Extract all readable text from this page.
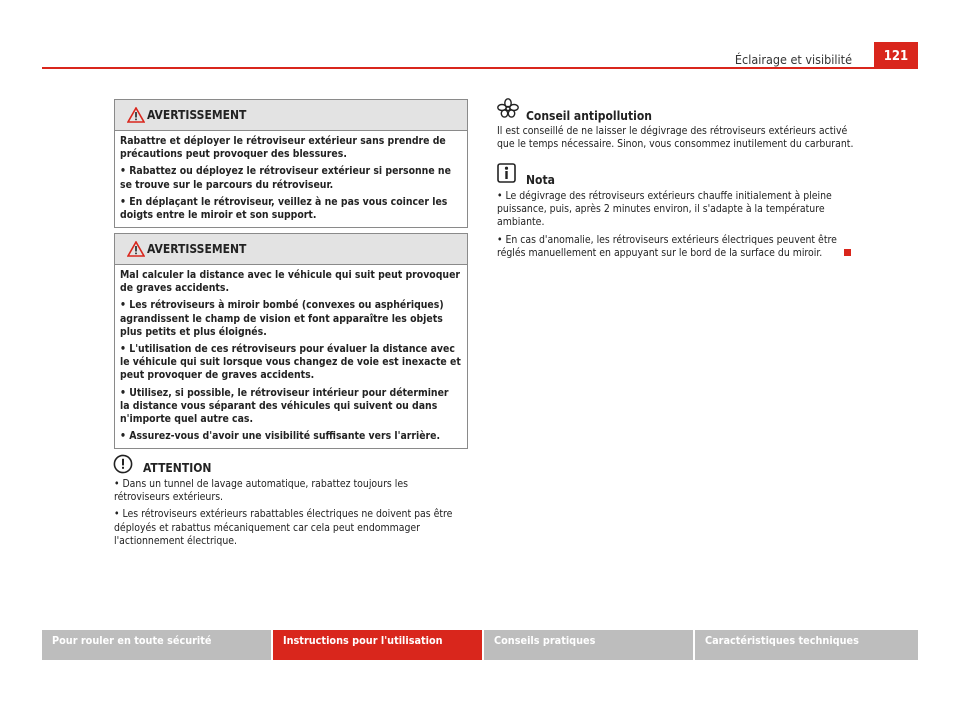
Éclairage et visibilité	121
AVERTISSEMENT

Rabattre et déployer le rétroviseur extérieur sans prendre de précautions peut provoquer des blessures.

• Rabattez ou déployez le rétroviseur extérieur si personne ne se trouve sur le parcours du rétroviseur.

• En déplaçant le rétroviseur, veillez à ne pas vous coincer les doigts entre le miroir et son support.

AVERTISSEMENT

Mal calculer la distance avec le véhicule qui suit peut provoquer de graves accidents.

• Les rétroviseurs à miroir bombé (convexes ou asphériques) agrandissent le champ de vision et font apparaître les objets plus petits et plus éloignés.

• L'utilisation de ces rétroviseurs pour évaluer la distance avec le véhicule qui suit lorsque vous changez de voie est inexacte et peut provoquer de graves accidents.

• Utilisez, si possible, le rétroviseur intérieur pour déterminer la distance vous séparant des véhicules qui suivent ou dans n'importe quel autre cas.

• Assurez-vous d'avoir une visibilité suffisante vers l'arrière.

ATTENTION

• Dans un tunnel de lavage automatique, rabattez toujours les rétroviseurs extérieurs.

• Les rétroviseurs extérieurs rabattables électriques ne doivent pas être déployés et rabattus mécaniquement car cela peut endommager l'actionnement électrique.

Conseil antipollution
Il est conseillé de ne laisser le dégivrage des rétroviseurs extérieurs activé que le temps nécessaire. Sinon, vous consommez inutilement du carburant.
Nota

• Le dégivrage des rétroviseurs extérieurs chauffe initialement à pleine puissance, puis, après 2 minutes environ, il s'adapte à la température ambiante.

• En cas d'anomalie, les rétroviseurs extérieurs électriques peuvent être réglés manuellement en appuyant sur le bord de la surface du miroir.

Pour rouler en toute sécurité	Instructions pour l'utilisation	Conseils pratiques	Caractéristiques techniques
